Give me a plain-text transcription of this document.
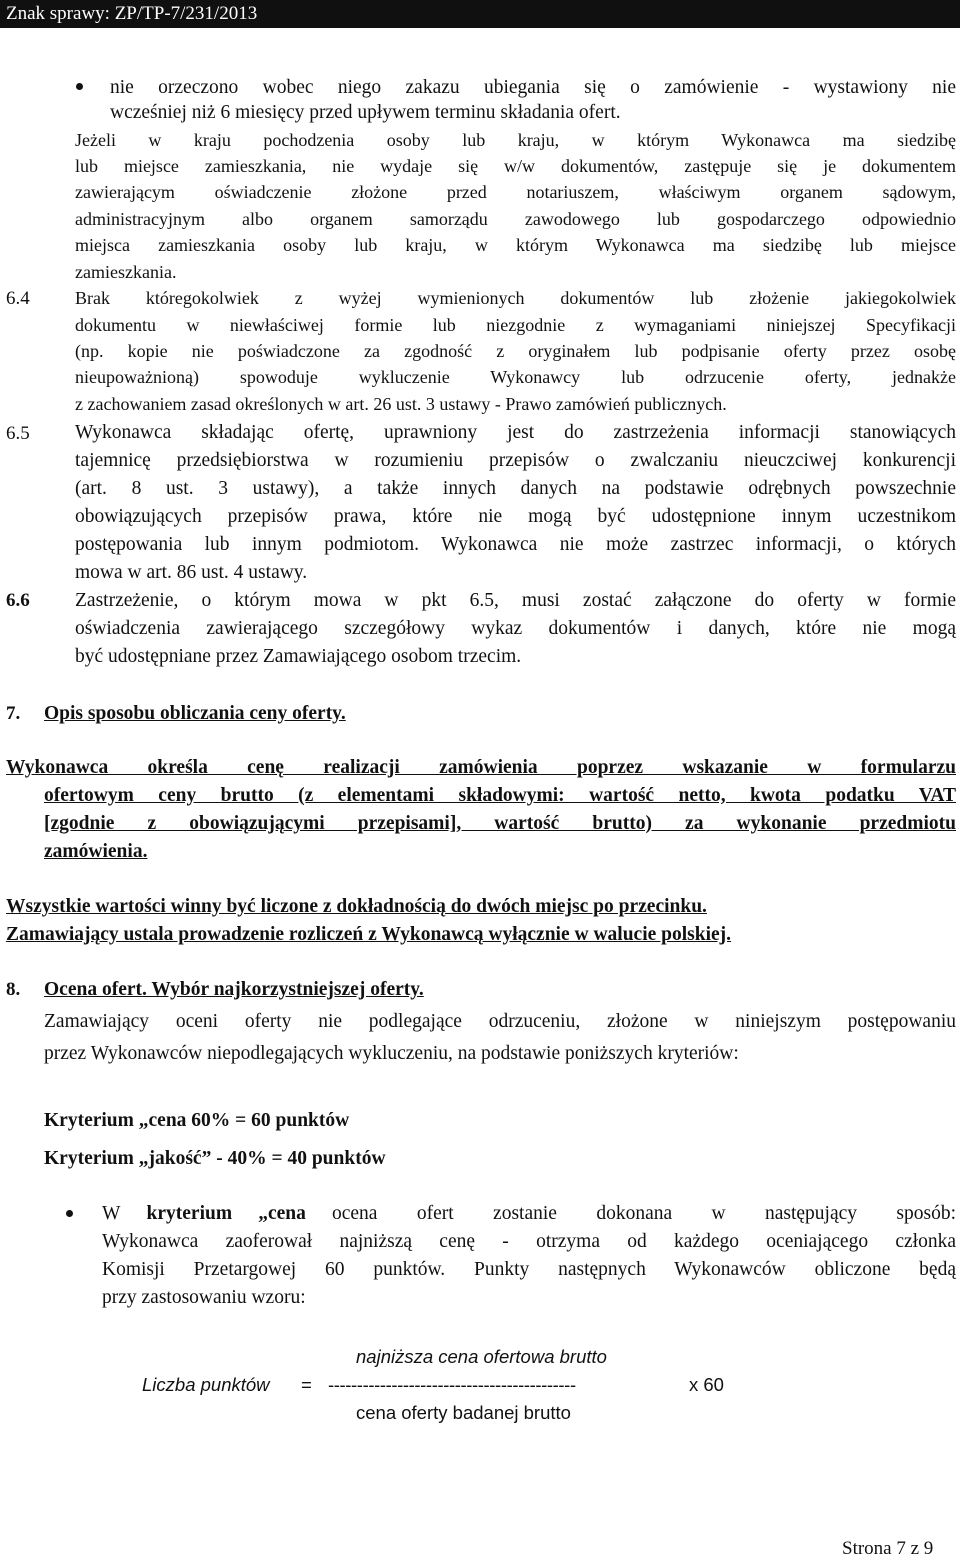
Znak sprawy: ZP/TP-7/231/2013
nie orzeczono wobec niego zakazu ubiegania się o zamówienie - wystawiony nie
wcześniej niż 6 miesięcy przed upływem terminu składania ofert.
Jeżeli w kraju pochodzenia osoby lub kraju, w którym Wykonawca ma siedzibę
lub miejsce zamieszkania, nie wydaje się w/w dokumentów, zastępuje się je dokumentem
zawierającym oświadczenie złożone przed notariuszem, właściwym organem sądowym,
administracyjnym albo organem samorządu zawodowego lub gospodarczego odpowiednio
miejsca zamieszkania osoby lub kraju, w którym Wykonawca ma siedzibę lub miejsce
zamieszkania.
6.4	Brak któregokolwiek z wyżej wymienionych dokumentów lub złożenie jakiegokolwiek
dokumentu w niewłaściwej formie lub niezgodnie z wymaganiami niniejszej Specyfikacji
(np. kopie nie poświadczone za zgodność z oryginałem lub podpisanie oferty przez osobę
nieupoważnioną) spowoduje wykluczenie Wykonawcy lub odrzucenie oferty, jednakże
z zachowaniem zasad określonych w art. 26 ust. 3 ustawy - Prawo zamówień publicznych.
6.5 Wykonawca składając ofertę, uprawniony jest do zastrzeżenia informacji stanowiących
tajemnicę przedsiębiorstwa w rozumieniu przepisów o zwalczaniu nieuczciwej konkurencji
(art. 8 ust. 3 ustawy), a także innych danych na podstawie odrębnych powszechnie
obowiązujących przepisów prawa, które nie mogą być udostępnione innym uczestnikom
postępowania lub innym podmiotom. Wykonawca nie może zastrzec informacji, o których
mowa w art. 86 ust. 4 ustawy.
6.6 Zastrzeżenie, o którym mowa w pkt 6.5, musi zostać załączone do oferty w formie
oświadczenia zawierającego szczegółowy wykaz dokumentów i danych, które nie mogą
być udostępniane przez Zamawiającego osobom trzecim.
7. Opis sposobu obliczania ceny oferty.
Wykonawca określa cenę realizacji zamówienia poprzez wskazanie w formularzu
ofertowym ceny brutto (z elementami składowymi: wartość netto, kwota podatku VAT
[zgodnie z obowiązującymi przepisami], wartość brutto) za wykonanie przedmiotu
zamówienia.
Wszystkie wartości winny być liczone z dokładnością do dwóch miejsc po przecinku.
Zamawiający ustala prowadzenie rozliczeń z Wykonawcą wyłącznie w walucie polskiej.
8. Ocena ofert. Wybór najkorzystniejszej oferty.
Zamawiający oceni oferty nie podlegające odrzuceniu, złożone w niniejszym postępowaniu
przez Wykonawców niepodlegających wykluczeniu, na podstawie poniższych kryteriów:
Kryterium „cena 60% = 60 punktów
Kryterium „jakość” - 40% = 40 punktów
W kryterium „cena ocena ofert zostanie dokonana w następujący sposób:
Wykonawca zaoferował najniższą cenę - otrzyma od każdego oceniającego członka
Komisji Przetargowej 60 punktów. Punkty następnych Wykonawców obliczone będą
przy zastosowaniu wzoru:
najniższa cena ofertowa brutto
Liczba punktów = -------------------------------------------	x 60
cena oferty badanej brutto
Strona 7 z 9
